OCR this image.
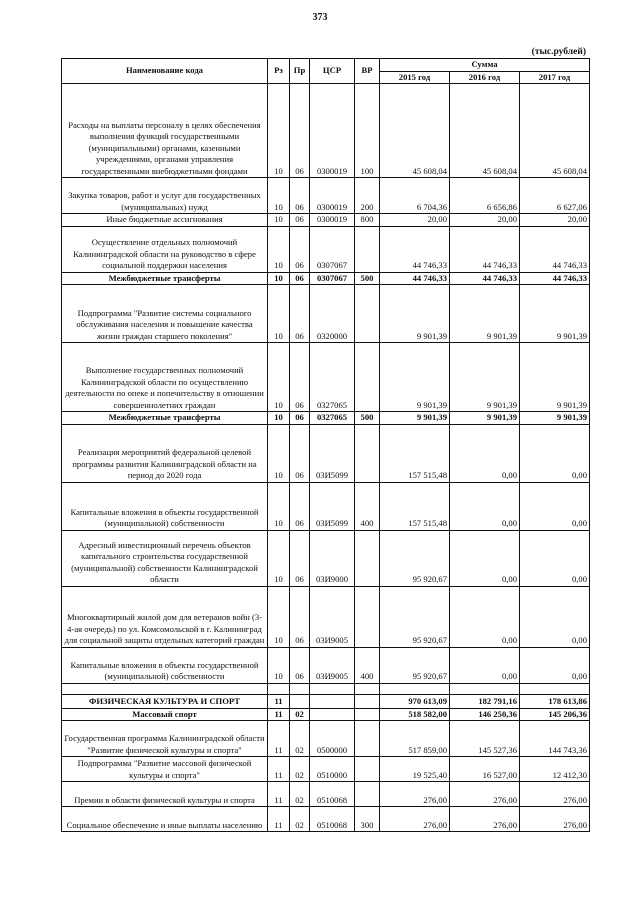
373
(тыс.рублей)
Наименование кода	Рз	Пр	ЦСР	ВР	Сумма		
					2015 год	2016 год	2017 год
Расходы на выплаты персоналу в целях обеспечения выполнения функций государственными (муниципальными) органами, казенными учреждениями, органами управления государственными внебюджетными фондами	10	06	0300019	100	45 608,04	45 608,04	45 608,04
Закупка товаров, работ и услуг для государственных (муниципальных) нужд	10	06	0300019	200	6 704,36	6 656,86	6 627,06
Иные бюджетные ассигнования	10	06	0300019	800	20,00	20,00	20,00
Осуществление отдельных полномочий Калининградской области на руководство в сфере социальной поддержки населения	10	06	0307067		44 746,33	44 746,33	44 746,33
Межбюджетные трансферты	10	06	0307067	500	44 746,33	44 746,33	44 746,33
Подпрограмма "Развитие системы социального обслуживания населения и повышение качества жизни граждан старшего поколения"	10	06	0320000		9 901,39	9 901,39	9 901,39
Выполнение государственных полномочий Калининградской области по осуществлению деятельности по опеке и попечительству в отношении совершеннолетних граждан	10	06	0327065		9 901,39	9 901,39	9 901,39
Межбюджетные трансферты	10	06	0327065	500	9 901,39	9 901,39	9 901,39
Реализация мероприятий федеральной целевой программы развития Калининградской области на период до 2020 года	10	06	03И5099		157 515,48	0,00	0,00
Капитальные вложения в объекты государственной (муниципальной) собственности	10	06	03И5099	400	157 515,48	0,00	0,00
Адресный инвестиционный перечень объектов капитального строительства государственной (муниципальной) собственности Калининградской области	10	06	03И9000		95 920,67	0,00	0,00
Многоквартирный жилой дом для ветеранов войн (3-4-ая очередь) по ул. Комсомольской в г. Калининград для социальной защиты отдельных категорий граждан	10	06	03И9005		95 920,67	0,00	0,00
Капитальные вложения в объекты государственной (муниципальной) собственности	10	06	03И9005	400	95 920,67	0,00	0,00

ФИЗИЧЕСКАЯ КУЛЬТУРА И СПОРТ	11				970 613,09	182 791,16	178 613,86
Массовый спорт	11	02			518 582,00	146 250,36	145 206,36
Государственная программа Калининградской области "Развитие физической культуры и спорта"	11	02	0500000		517 859,00	145 527,36	144 743,36
Подпрограмма "Развитие массовой физической культуры и спорта"	11	02	0510000		19 525,40	16 527,00	12 412,30
Премии в области физической культуры и спорта	11	02	0510068		276,00	276,00	276,00
Социальное обеспечение и иные выплаты населению	11	02	0510068	300	276,00	276,00	276,00
